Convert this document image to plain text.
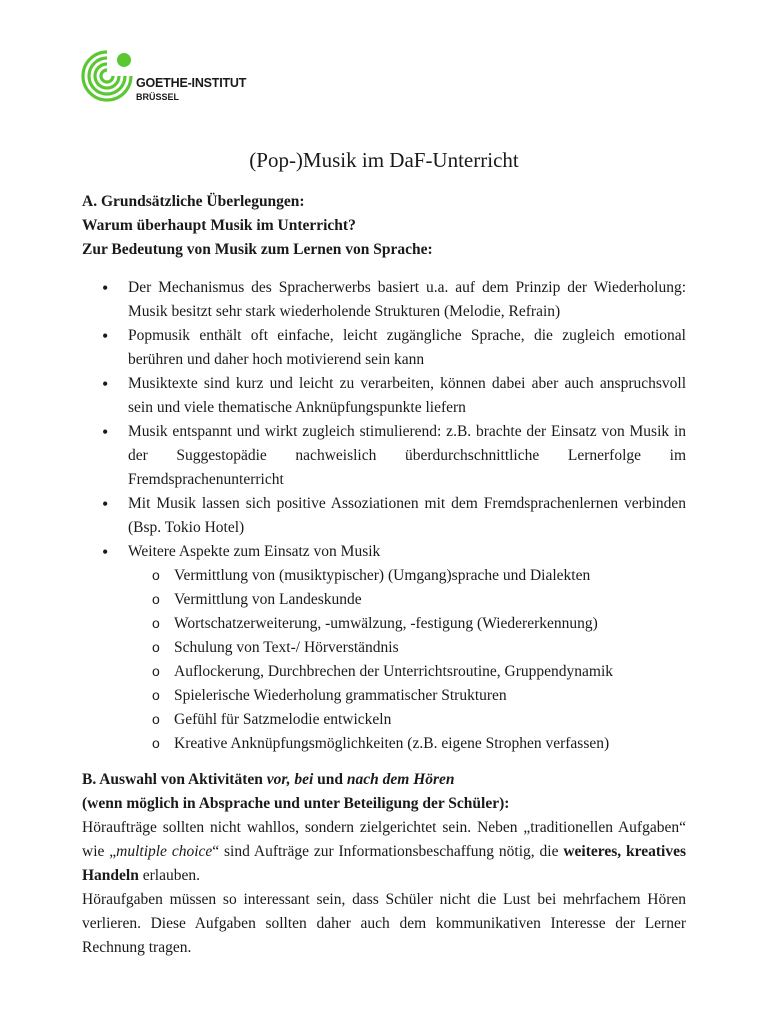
GOETHE-INSTITUT
BRÜSSEL
(Pop-)Musik im DaF-Unterricht

A. Grundsätzliche Überlegungen:

Warum überhaupt Musik im Unterricht?

Zur Bedeutung von Musik zum Lernen von Sprache:

• Der Mechanismus des Spracherwerbs basiert u.a. auf dem Prinzip der Wiederholung: Musik besitzt sehr stark wiederholende Strukturen (Melodie, Refrain)
• Popmusik enthält oft einfache, leicht zugängliche Sprache, die zugleich emotional berühren und daher hoch motivierend sein kann
• Musiktexte sind kurz und leicht zu verarbeiten, können dabei aber auch anspruchsvoll sein und viele thematische Anknüpfungspunkte liefern
• Musik entspannt und wirkt zugleich stimulierend: z.B. brachte der Einsatz von Musik in der Suggestopädie nachweislich überdurchschnittliche Lernerfolge im Fremdsprachenunterricht
• Mit Musik lassen sich positive Assoziationen mit dem Fremdsprachenlernen verbinden (Bsp. Tokio Hotel)
• Weitere Aspekte zum Einsatz von Musik
o Vermittlung von (musiktypischer) (Umgang)sprache und Dialekten
o Vermittlung von Landeskunde
o Wortschatzerweiterung, -umwälzung, -festigung (Wiedererkennung)
o Schulung von Text-/ Hörverständnis
o Auflockerung, Durchbrechen der Unterrichtsroutine, Gruppendynamik
o Spielerische Wiederholung grammatischer Strukturen
o Gefühl für Satzmelodie entwickeln
o Kreative Anknüpfungsmöglichkeiten (z.B. eigene Strophen verfassen)

B. Auswahl von Aktivitäten vor, bei und nach dem Hören

(wenn möglich in Absprache und unter Beteiligung der Schüler):

Höraufträge sollten nicht wahllos, sondern zielgerichtet sein. Neben „traditionellen Aufgaben“ wie „multiple choice“ sind Aufträge zur Informationsbeschaffung nötig, die weiteres, kreatives Handeln erlauben.

Höraufgaben müssen so interessant sein, dass Schüler nicht die Lust bei mehrfachem Hören verlieren. Diese Aufgaben sollten daher auch dem kommunikativen Interesse der Lerner Rechnung tragen.
